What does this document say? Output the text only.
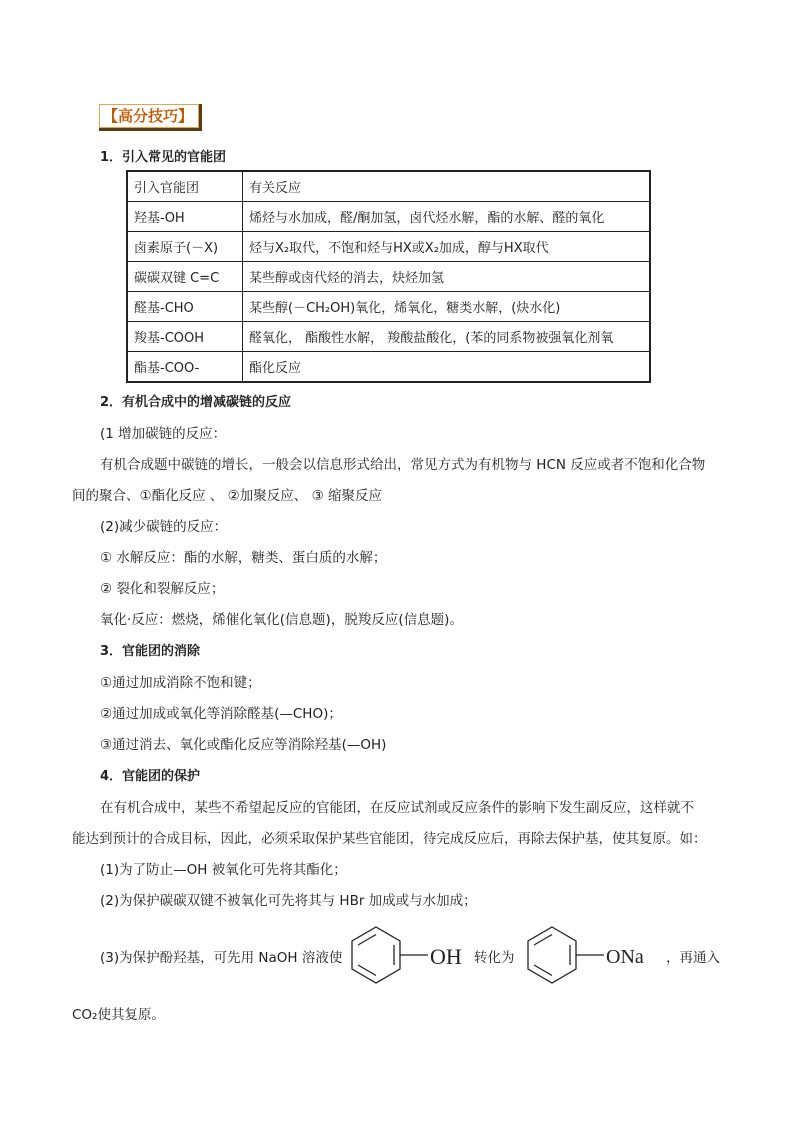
【高分技巧】
1．引入常见的官能团
引入官能团	有关反应
羟基-OH	烯烃与水加成，醛/酮加氢，卤代烃水解，酯的水解、醛的氧化
卤素原子(－X)	烃与X₂取代，不饱和烃与HX或X₂加成，醇与HX取代
碳碳双键 C=C	某些醇或卤代烃的消去，炔烃加氢
醛基-CHO	某些醇(－CH₂OH)氧化，烯氧化，糖类水解，(炔水化)
羧基-COOH	醛氧化， 酯酸性水解， 羧酸盐酸化，(苯的同系物被强氧化剂氧
酯基-COO-	酯化反应
2．有机合成中的增减碳链的反应
(1 增加碳链的反应：
有机合成题中碳链的增长，一般会以信息形式给出，常见方式为有机物与 HCN 反应或者不饱和化合物
间的聚合、①酯化反应 、 ②加聚反应、 ③ 缩聚反应
(2)减少碳链的反应：
① 水解反应：酯的水解，糖类、蛋白质的水解；
② 裂化和裂解反应；
氧化·反应：燃烧，烯催化氧化(信息题)，脱羧反应(信息题)。
3．官能团的消除
①通过加成消除不饱和键；
②通过加成或氧化等消除醛基(—CHO)；
③通过消去、氧化或酯化反应等消除羟基(—OH)
4．官能团的保护
在有机合成中，某些不希望起反应的官能团，在反应试剂或反应条件的影响下发生副反应，这样就不
能达到预计的合成目标，因此，必须采取保护某些官能团，待完成反应后，再除去保护基，使其复原。如：
(1)为了防止—OH 被氧化可先将其酯化；
(2)为保护碳碳双键不被氧化可先将其与 HBr 加成或与水加成；
(3)为保护酚羟基，可先用 NaOH 溶液使	OH 转化为	ONa ，再通入
CO₂使其复原。
